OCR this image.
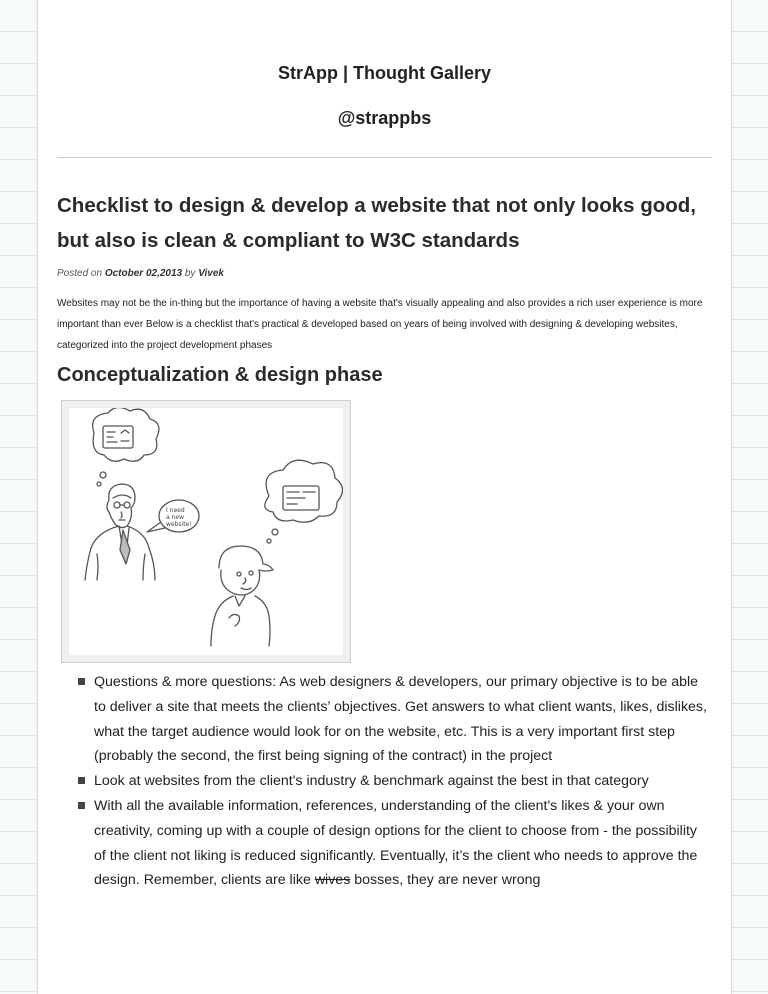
StrApp | Thought Gallery
@strappbs
Checklist to design & develop a website that not only looks good, but also is clean & compliant to W3C standards
Posted on October 02,2013 by Vivek
Websites may not be the in-thing but the importance of having a website that's visually appealing and also provides a rich user experience is more important than ever Below is a checklist that's practical & developed based on years of being involved with designing & developing websites, categorized into the project development phases
Conceptualization & design phase
I need
a new
website!
Questions & more questions: As web designers & developers, our primary objective is to be able to deliver a site that meets the clients’ objectives. Get answers to what client wants, likes, dislikes, what the target audience would look for on the website, etc. This is a very important first step (probably the second, the first being signing of the contract) in the project
Look at websites from the client's industry & benchmark against the best in that category
With all the available information, references, understanding of the client's likes & your own creativity, coming up with a couple of design options for the client to choose from - the possibility of the client not liking is reduced significantly. Eventually, it’s the client who needs to approve the design. Remember, clients are like wives bosses, they are never wrong
